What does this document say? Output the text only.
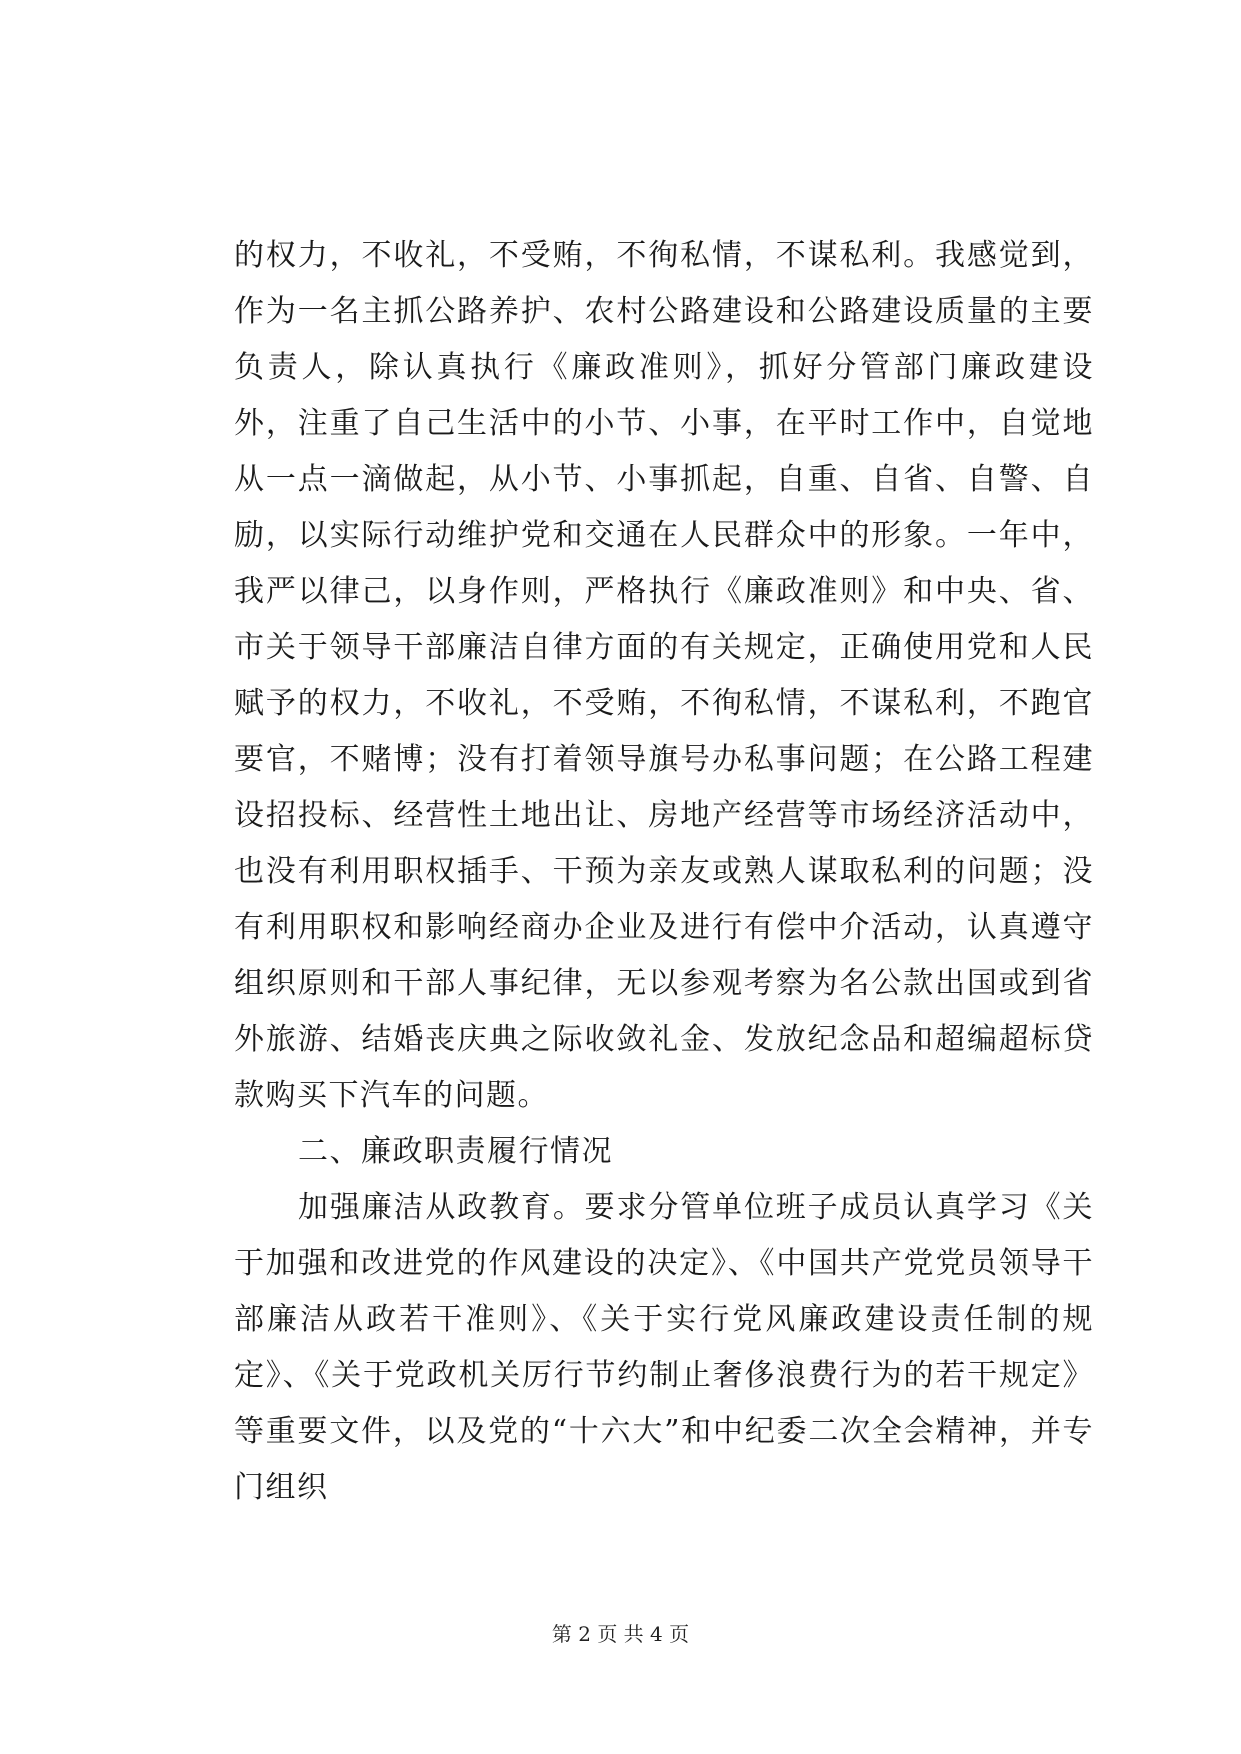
的权力，不收礼，不受贿，不徇私情，不谋私利。我感觉到，作为一名主抓公路养护、农村公路建设和公路建设质量的主要负责人，除认真执行《廉政准则》，抓好分管部门廉政建设外，注重了自己生活中的小节、小事，在平时工作中，自觉地从一点一滴做起，从小节、小事抓起，自重、自省、自警、自励，以实际行动维护党和交通在人民群众中的形象。一年中，我严以律己，以身作则，严格执行《廉政准则》和中央、省、市关于领导干部廉洁自律方面的有关规定，正确使用党和人民赋予的权力，不收礼，不受贿，不徇私情，不谋私利，不跑官要官，不赌博；没有打着领导旗号办私事问题；在公路工程建设招投标、经营性土地出让、房地产经营等市场经济活动中，也没有利用职权插手、干预为亲友或熟人谋取私利的问题；没有利用职权和影响经商办企业及进行有偿中介活动，认真遵守组织原则和干部人事纪律，无以参观考察为名公款出国或到省外旅游、结婚丧庆典之际收敛礼金、发放纪念品和超编超标贷款购买下汽车的问题。

二、廉政职责履行情况

加强廉洁从政教育。要求分管单位班子成员认真学习《关于加强和改进党的作风建设的决定》、《中国共产党党员领导干部廉洁从政若干准则》、《关于实行党风廉政建设责任制的规定》、《关于党政机关厉行节约制止奢侈浪费行为的若干规定》等重要文件，以及党的“十六大”和中纪委二次全会精神，并专门组织

第 2 页 共 4 页
